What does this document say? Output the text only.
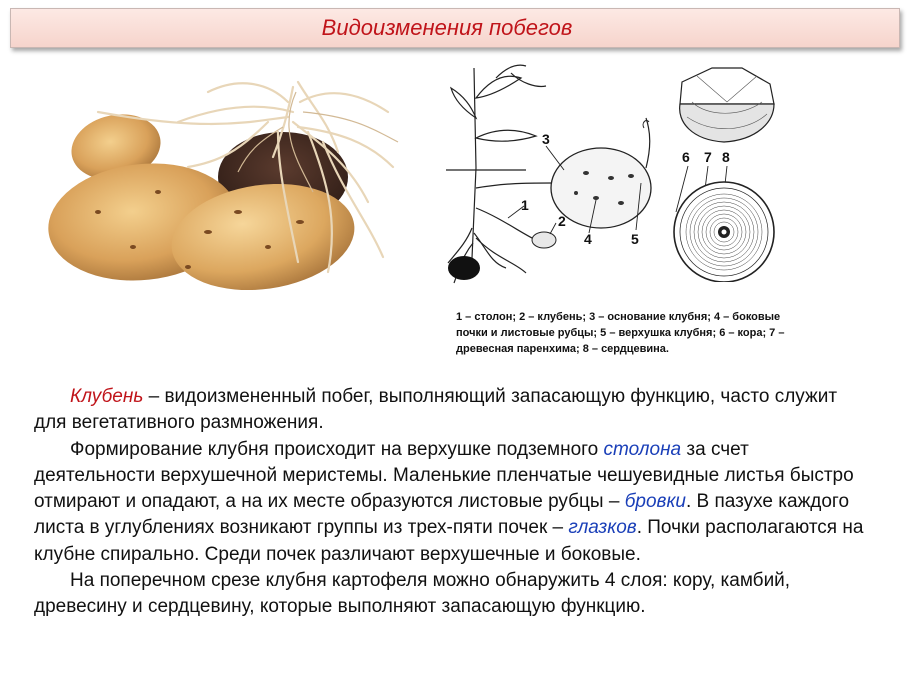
Видоизменения побегов
3
1
2
4	5
6 7 8
1 – столон; 2 – клубень; 3 – основание клубня; 4 – боковые
почки и листовые рубцы; 5 – верхушка клубня; 6 – кора; 7 –
древесная паренхима; 8 – сердцевина.

Клубень – видоизмененный побег, выполняющий запасающую функцию, часто служит для вегетативного размножения.

Формирование клубня происходит на верхушке подземного столона за счет деятельности верхушечной меристемы. Маленькие пленчатые чешуевидные листья быстро отмирают и опадают, а на их месте образуются листовые рубцы – бровки. В пазухе каждого листа в углублениях возникают группы из трех-пяти почек – глазков. Почки располагаются на клубне спирально. Среди почек различают верхушечные и боковые.

На поперечном срезе клубня картофеля можно обнаружить 4 слоя: кору, камбий, древесину и сердцевину, которые выполняют запасающую функцию.
